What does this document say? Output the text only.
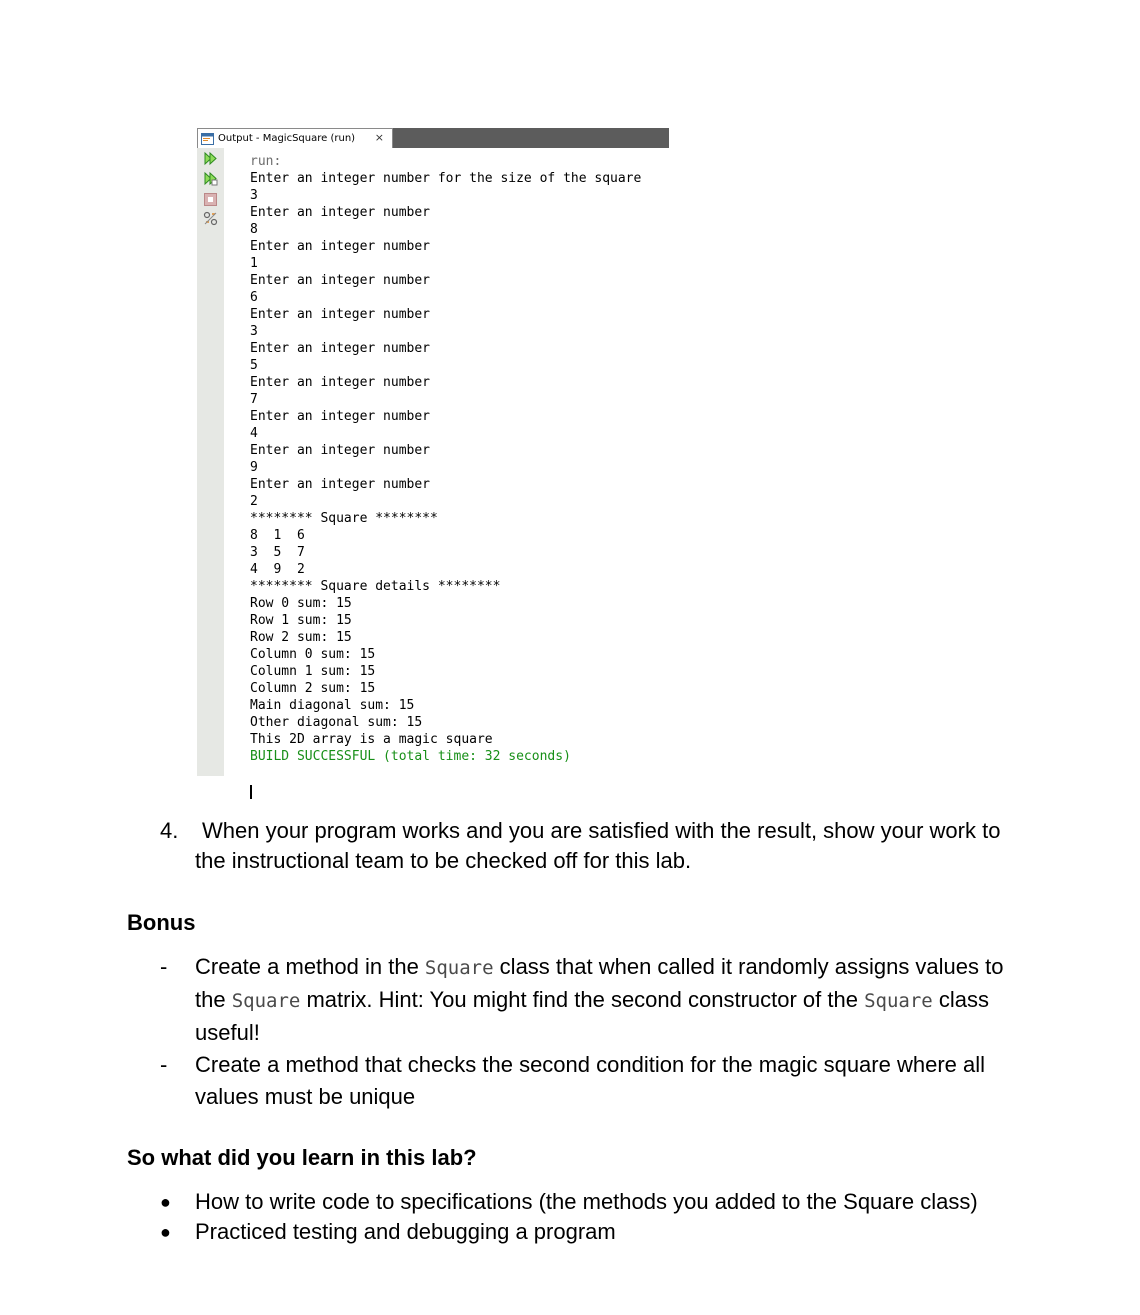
Output - MagicSquare (run) ×
run:
Enter an integer number for the size of the square
3
Enter an integer number
8
Enter an integer number
1
Enter an integer number
6
Enter an integer number
3
Enter an integer number
5
Enter an integer number
7
Enter an integer number
4
Enter an integer number
9
Enter an integer number
2
******** Square ********
8  1  6
3  5  7
4  9  2
******** Square details ********
Row 0 sum: 15
Row 1 sum: 15
Row 2 sum: 15
Column 0 sum: 15
Column 1 sum: 15
Column 2 sum: 15
Main diagonal sum: 15
Other diagonal sum: 15
This 2D array is a magic square
BUILD SUCCESSFUL (total time: 32 seconds)
4.	When your program works and you are satisfied with the result, show your work to the instructional team to be checked off for this lab.
Bonus
- Create a method in the Square class that when called it randomly assigns values to the Square matrix. Hint: You might find the second constructor of the Square class useful!
- Create a method that checks the second condition for the magic square where all values must be unique
So what did you learn in this lab?
● How to write code to specifications (the methods you added to the Square class)
● Practiced testing and debugging a program
